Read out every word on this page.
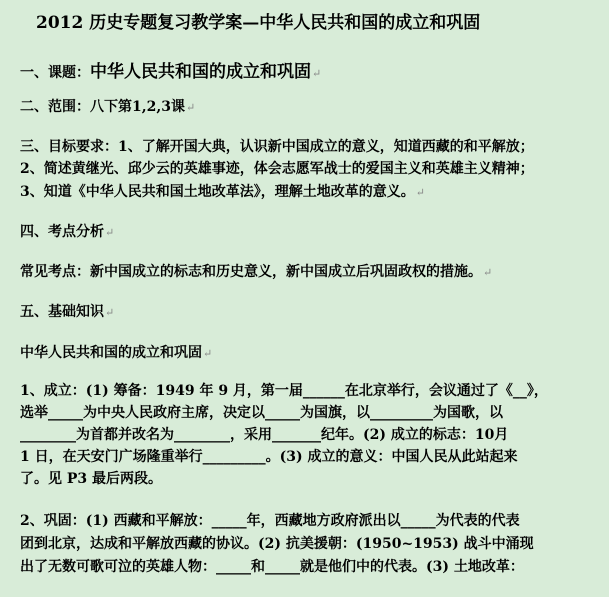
2012 历史专题复习教学案—中华人民共和国的成立和巩固
一、课题：中华人民共和国的成立和巩固↵
二、范围：八下第1,2,3课↵
三、目标要求：1、了解开国大典，认识新中国成立的意义，知道西藏的和平解放；
2、简述黄继光、邱少云的英雄事迹，体会志愿军战士的爱国主义和英雄主义精神；
3、知道《中华人民共和国土地改革法》，理解土地改革的意义。↵
四、考点分析↵
常见考点：新中国成立的标志和历史意义，新中国成立后巩固政权的措施。↵
五、基础知识↵
中华人民共和国的成立和巩固↵
1、成立：(1) 筹备：1949 年 9 月，第一届______在北京举行，会议通过了《__》，
选举_____为中央人民政府主席，决定以_____为国旗，以_________为国歌，以
________为首都并改名为________，采用_______纪年。(2) 成立的标志：10月
1 日，在天安门广场隆重举行_________。(3) 成立的意义：中国人民从此站起来
了。见 P3 最后两段。
2、巩固：(1) 西藏和平解放：_____年，西藏地方政府派出以_____为代表的代表
团到北京，达成和平解放西藏的协议。(2) 抗美援朝：(1950~1953) 战斗中涌现
出了无数可歌可泣的英雄人物：_____和_____就是他们中的代表。(3) 土地改革：
